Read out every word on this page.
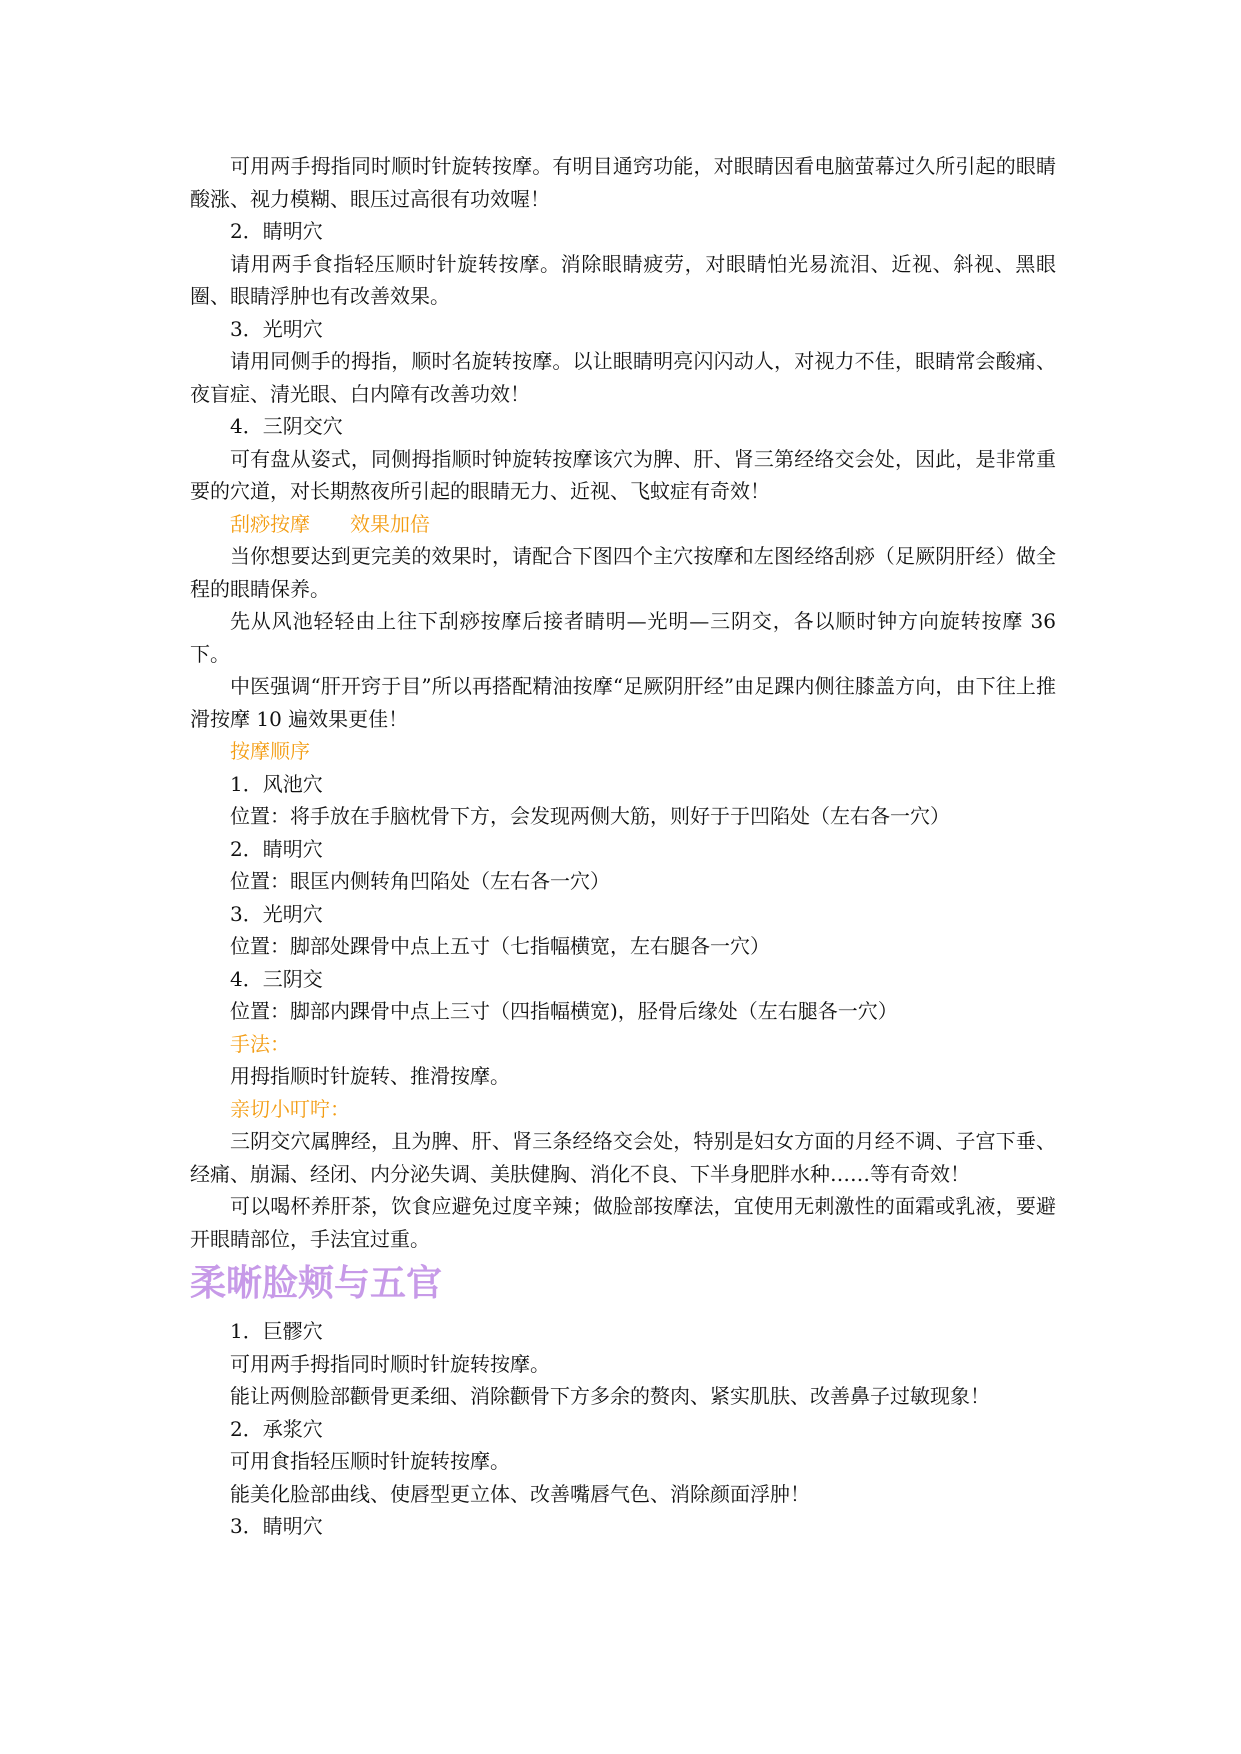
可用两手拇指同时顺时针旋转按摩。有明目通窍功能，对眼睛因看电脑萤幕过久所引起的眼睛酸涨、视力模糊、眼压过高很有功效喔！

2．睛明穴

请用两手食指轻压顺时针旋转按摩。消除眼睛疲劳，对眼睛怕光易流泪、近视、斜视、黑眼圈、眼睛浮肿也有改善效果。

3．光明穴

请用同侧手的拇指，顺时名旋转按摩。以让眼睛明亮闪闪动人，对视力不佳，眼睛常会酸痛、夜盲症、清光眼、白内障有改善功效！

4．三阴交穴

可有盘从姿式，同侧拇指顺时钟旋转按摩该穴为脾、肝、肾三第经络交会处，因此，是非常重要的穴道，对长期熬夜所引起的眼睛无力、近视、飞蚊症有奇效！

刮痧按摩　　效果加倍

当你想要达到更完美的效果时，请配合下图四个主穴按摩和左图经络刮痧（足厥阴肝经）做全程的眼睛保养。

先从风池轻轻由上往下刮痧按摩后接者睛明—光明—三阴交，各以顺时钟方向旋转按摩 36 下。

中医强调“肝开窍于目”所以再搭配精油按摩“足厥阴肝经”由足踝内侧往膝盖方向，由下往上推滑按摩 10 遍效果更佳！

按摩顺序

1．风池穴

位置：将手放在手脑枕骨下方，会发现两侧大筋，则好于于凹陷处（左右各一穴）

2．睛明穴

位置：眼匡内侧转角凹陷处（左右各一穴）

3．光明穴

位置：脚部处踝骨中点上五寸（七指幅横宽，左右腿各一穴）

4．三阴交

位置：脚部内踝骨中点上三寸（四指幅横宽)，胫骨后缘处（左右腿各一穴）

手法：

用拇指顺时针旋转、推滑按摩。

亲切小叮咛：

三阴交穴属脾经，且为脾、肝、肾三条经络交会处，特别是妇女方面的月经不调、子宫下垂、经痛、崩漏、经闭、内分泌失调、美肤健胸、消化不良、下半身肥胖水种……等有奇效！

可以喝杯养肝茶，饮食应避免过度辛辣；做脸部按摩法，宜使用无刺激性的面霜或乳液，要避开眼睛部位，手法宜过重。

柔晰脸颊与五官

1．巨髎穴

可用两手拇指同时顺时针旋转按摩。

能让两侧脸部颧骨更柔细、消除颧骨下方多余的赘肉、紧实肌肤、改善鼻子过敏现象！

2．承浆穴

可用食指轻压顺时针旋转按摩。

能美化脸部曲线、使唇型更立体、改善嘴唇气色、消除颜面浮肿！

3．睛明穴
